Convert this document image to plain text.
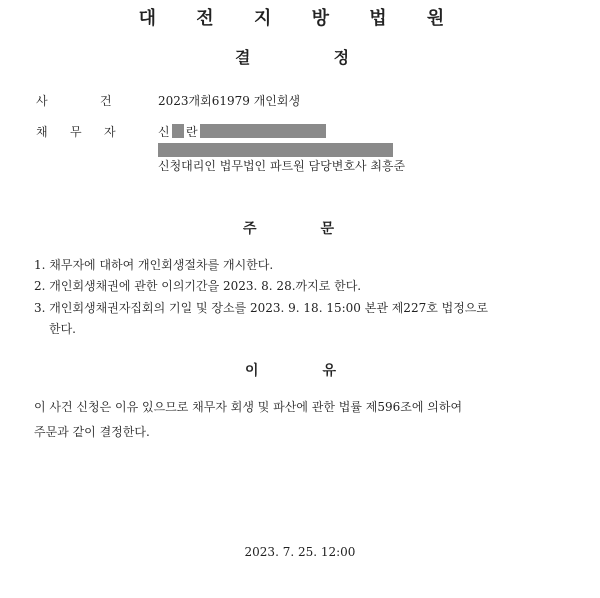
대 전 지 방 법 원
결	정
사	건	2023개회61979 개인회생
채 무 자	신 란
신청대리인 법무법인 파트원 담당변호사 최흥준
주	문
1. 채무자에 대하여 개인회생절차를 개시한다.
2. 개인회생채권에 관한 이의기간을 2023. 8. 28.까지로 한다.
3. 개인회생채권자집회의 기일 및 장소를 2023. 9. 18. 15:00 본관 제227호 법정으로
한다.
이	유
이 사건 신청은 이유 있으므로 채무자 회생 및 파산에 관한 법률 제596조에 의하여
주문과 같이 결정한다.
2023. 7. 25. 12:00
